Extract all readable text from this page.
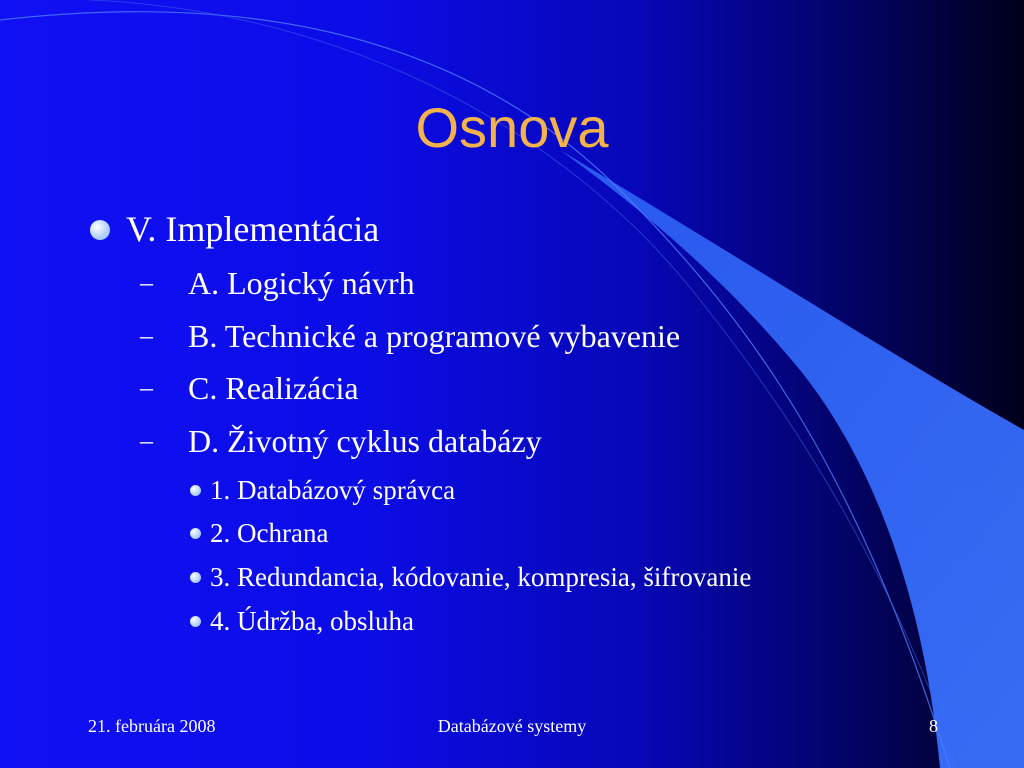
Osnova
V. Implementácia
– A. Logický návrh
– B. Technické a programové vybavenie
– C. Realizácia
– D. Životný cyklus databázy
1. Databázový správca
2. Ochrana
3. Redundancia, kódovanie, kompresia, šifrovanie
4. Údržba, obsluha
21. februára 2008	Databázové systemy	8
